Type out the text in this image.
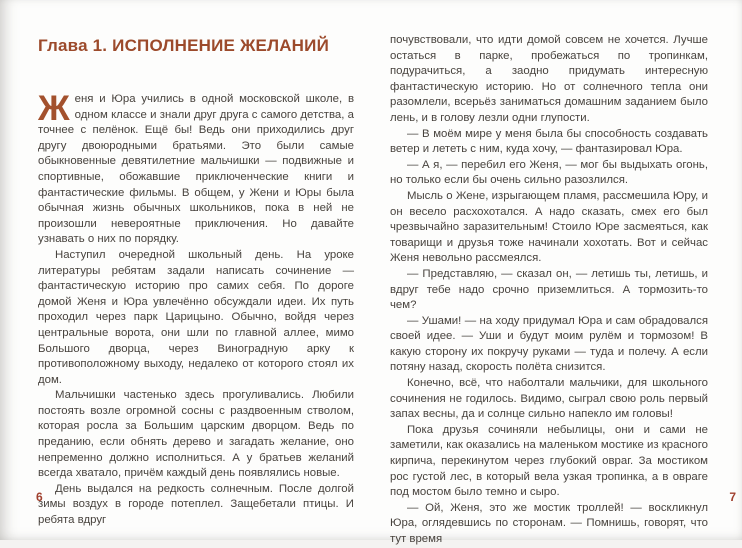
Глава 1. ИСПОЛНЕНИЕ ЖЕЛАНИЙ

Женя и Юра учились в одной московской школе, в одном классе и знали друг друга с самого детства, а точнее с пелёнок. Ещё бы! Ведь они приходились друг другу двоюродными братьями. Это были самые обыкновенные девятилетние мальчишки — подвижные и спортивные, обожавшие приключенческие книги и фантастические фильмы. В общем, у Жени и Юры была обычная жизнь обычных школьников, пока в ней не произошли невероятные приключения. Но давайте узнавать о них по порядку.

Наступил очередной школьный день. На уроке литературы ребятам задали написать сочинение — фантастическую историю про самих себя. По дороге домой Женя и Юра увлечённо обсуждали идеи. Их путь проходил через парк Царицыно. Обычно, войдя через центральные ворота, они шли по главной аллее, мимо Большого дворца, через Виноградную арку к противоположному выходу, недалеко от которого стоял их дом.

Мальчишки частенько здесь прогуливались. Любили постоять возле огромной сосны с раздвоенным стволом, которая росла за Большим царским дворцом. Ведь по преданию, если обнять дерево и загадать желание, оно непременно должно исполниться. А у братьев желаний всегда хватало, причём каждый день появлялись новые.

День выдался на редкость солнечным. После долгой зимы воздух в городе потеплел. Защебетали птицы. И ребята вдруг

почувствовали, что идти домой совсем не хочется. Лучше остаться в парке, пробежаться по тропинкам, подурачиться, а заодно придумать интересную фантастическую историю. Но от солнечного тепла они разомлели, всерьёз заниматься домашним заданием было лень, и в голову лезли одни глупости.

— В моём мире у меня была бы способность создавать ветер и лететь с ним, куда хочу, — фантазировал Юра.

— А я, — перебил его Женя, — мог бы выдыхать огонь, но только если бы очень сильно разозлился.

Мысль о Жене, изрыгающем пламя, рассмешила Юру, и он весело расхохотался. А надо сказать, смех его был чрезвычайно заразительным! Стоило Юре засмеяться, как товарищи и друзья тоже начинали хохотать. Вот и сейчас Женя невольно рассмеялся.

— Представляю, — сказал он, — летишь ты, летишь, и вдруг тебе надо срочно приземлиться. А тормозить-то чем?

— Ушами! — на ходу придумал Юра и сам обрадовался своей идее. — Уши и будут моим рулём и тормозом! В какую сторону их покручу руками — туда и полечу. А если потяну назад, скорость полёта снизится.

Конечно, всё, что наболтали мальчики, для школьного сочинения не годилось. Видимо, сыграл свою роль первый запах весны, да и солнце сильно напекло им головы!

Пока друзья сочиняли небылицы, они и сами не заметили, как оказались на маленьком мостике из красного кирпича, перекинутом через глубокий овраг. За мостиком рос густой лес, в который вела узкая тропинка, а в овраге под мостом было темно и сыро.

— Ой, Женя, это же мостик троллей! — воскликнул Юра, оглядевшись по сторонам. — Помнишь, говорят, что тут время

6	7
